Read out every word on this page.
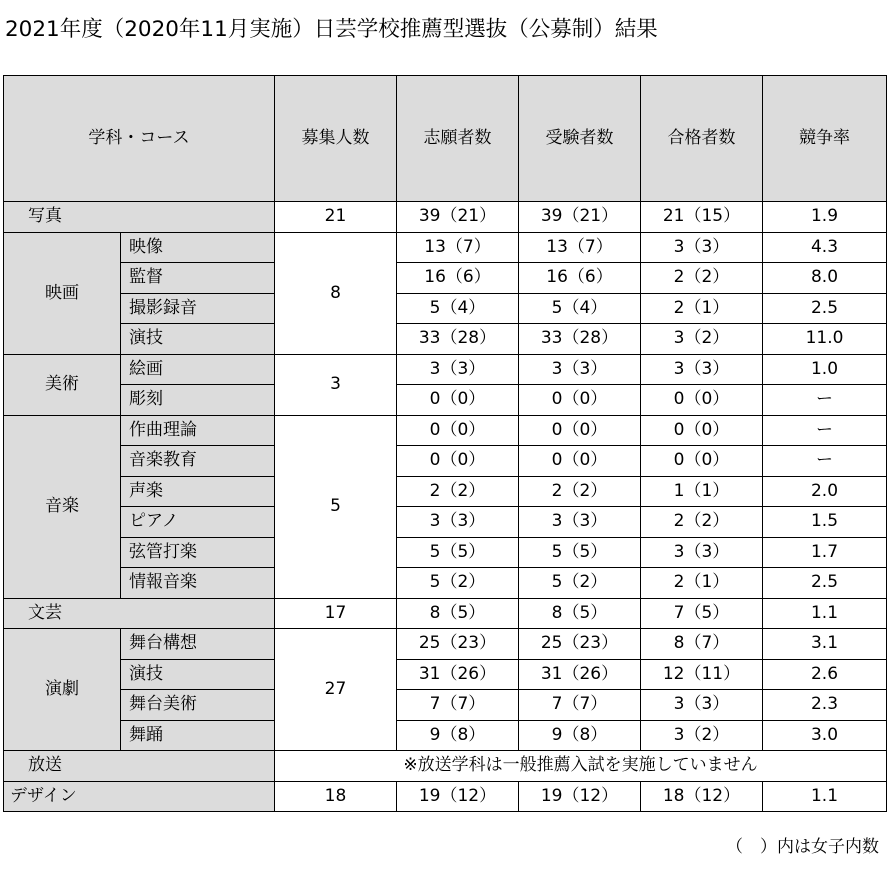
2021年度（2020年11月実施）日芸学校推薦型選抜（公募制）結果
学科・コース		募集人数	志願者数	受験者数	合格者数	競争率
写真		21	39（21）	39（21）	21（15）	1.9
映画	映像	8	13（7）	13（7）	3（3）	4.3
	監督		16（6）	16（6）	2（2）	8.0
	撮影録音		5（4）	5（4）	2（1）	2.5
	演技		33（28）	33（28）	3（2）	11.0
美術	絵画	3	3（3）	3（3）	3（3）	1.0
	彫刻		0（0）	0（0）	0（0）	ー
音楽	作曲理論	5	0（0）	0（0）	0（0）	ー
	音楽教育		0（0）	0（0）	0（0）	ー
	声楽		2（2）	2（2）	1（1）	2.0
	ピアノ		3（3）	3（3）	2（2）	1.5
	弦管打楽		5（5）	5（5）	3（3）	1.7
	情報音楽		5（2）	5（2）	2（1）	2.5
文芸		17	8（5）	8（5）	7（5）	1.1
演劇	舞台構想	27	25（23）	25（23）	8（7）	3.1
	演技		31（26）	31（26）	12（11）	2.6
	舞台美術		7（7）	7（7）	3（3）	2.3
	舞踊		9（8）	9（8）	3（2）	3.0
放送		※放送学科は一般推薦入試を実施していません				
デザイン		18	19（12）	19（12）	18（12）	1.1
（　）内は女子内数
